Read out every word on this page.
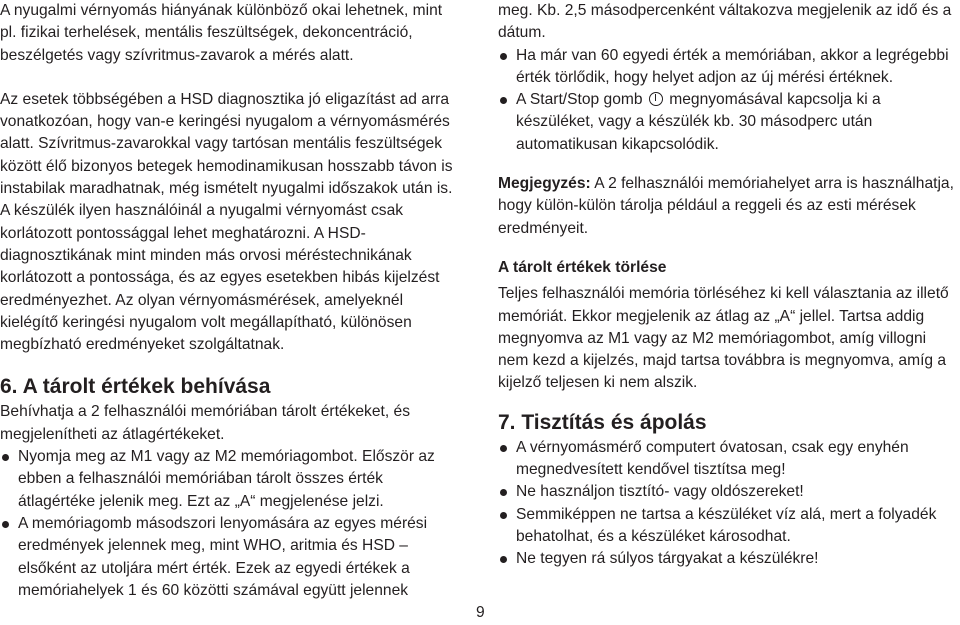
A nyugalmi vérnyomás hiányának különböző okai lehetnek, mint pl. fizikai terhelések, mentális feszültségek, dekoncentráció, beszélgetés vagy szívritmus-zavarok a mérés alatt.

Az esetek többségében a HSD diagnosztika jó eligazítást ad arra vonatkozóan, hogy van-e keringési nyugalom a vérnyomásmérés alatt. Szívritmus-zavarokkal vagy tartósan mentális feszültségek között élő bizonyos betegek hemodinamikusan hosszabb távon is instabilak maradhatnak, még ismételt nyugalmi időszakok után is. A készülék ilyen használóinál a nyugalmi vérnyomást csak korlátozott pontossággal lehet meghatározni. A HSD-diagnosztikának mint minden más orvosi méréstechnikának korlátozott a pontossága, és az egyes esetekben hibás kijelzést eredményezhet. Az olyan vérnyomásmérések, amelyeknél kielégítő keringési nyugalom volt megállapítható, különösen megbízható eredményeket szolgáltatnak.

6. A tárolt értékek behívása

Behívhatja a 2 felhasználói memóriában tárolt értékeket, és megjelenítheti az átlagértékeket.

Nyomja meg az M1 vagy az M2 memóriagombot. Először az ebben a felhasználói memóriában tárolt összes érték átlagértéke jelenik meg. Ezt az „A“ megjelenése jelzi.
A memóriagomb másodszori lenyomására az egyes mérési eredmények jelennek meg, mint WHO, aritmia és HSD – elsőként az utoljára mért érték. Ezek az egyedi értékek a memóriahelyek 1 és 60 közötti számával együtt jelennek

meg. Kb. 2,5 másodpercenként váltakozva megjelenik az idő és a dátum.

Ha már van 60 egyedi érték a memóriában, akkor a legrégebbi érték törlődik, hogy helyet adjon az új mérési értéknek.
A Start/Stop gomb megnyomásával kapcsolja ki a készüléket, vagy a készülék kb. 30 másodperc után automatikusan kikapcsolódik.

Megjegyzés: A 2 felhasználói memóriahelyet arra is használhatja, hogy külön-külön tárolja például a reggeli és az esti mérések eredményeit.

A tárolt értékek törlése

Teljes felhasználói memória törléséhez ki kell választania az illető memóriát. Ekkor megjelenik az átlag az „A“ jellel. Tartsa addig megnyomva az M1 vagy az M2 memóriagombot, amíg villogni nem kezd a kijelzés, majd tartsa továbbra is megnyomva, amíg a kijelző teljesen ki nem alszik.

7. Tisztítás és ápolás
A vérnyomásmérő computert óvatosan, csak egy enyhén megnedvesített kendővel tisztítsa meg!
Ne használjon tisztító- vagy oldószereket!
Semmiképpen ne tartsa a készüléket víz alá, mert a folyadék behatolhat, és a készüléket károsodhat.
Ne tegyen rá súlyos tárgyakat a készülékre!
9
